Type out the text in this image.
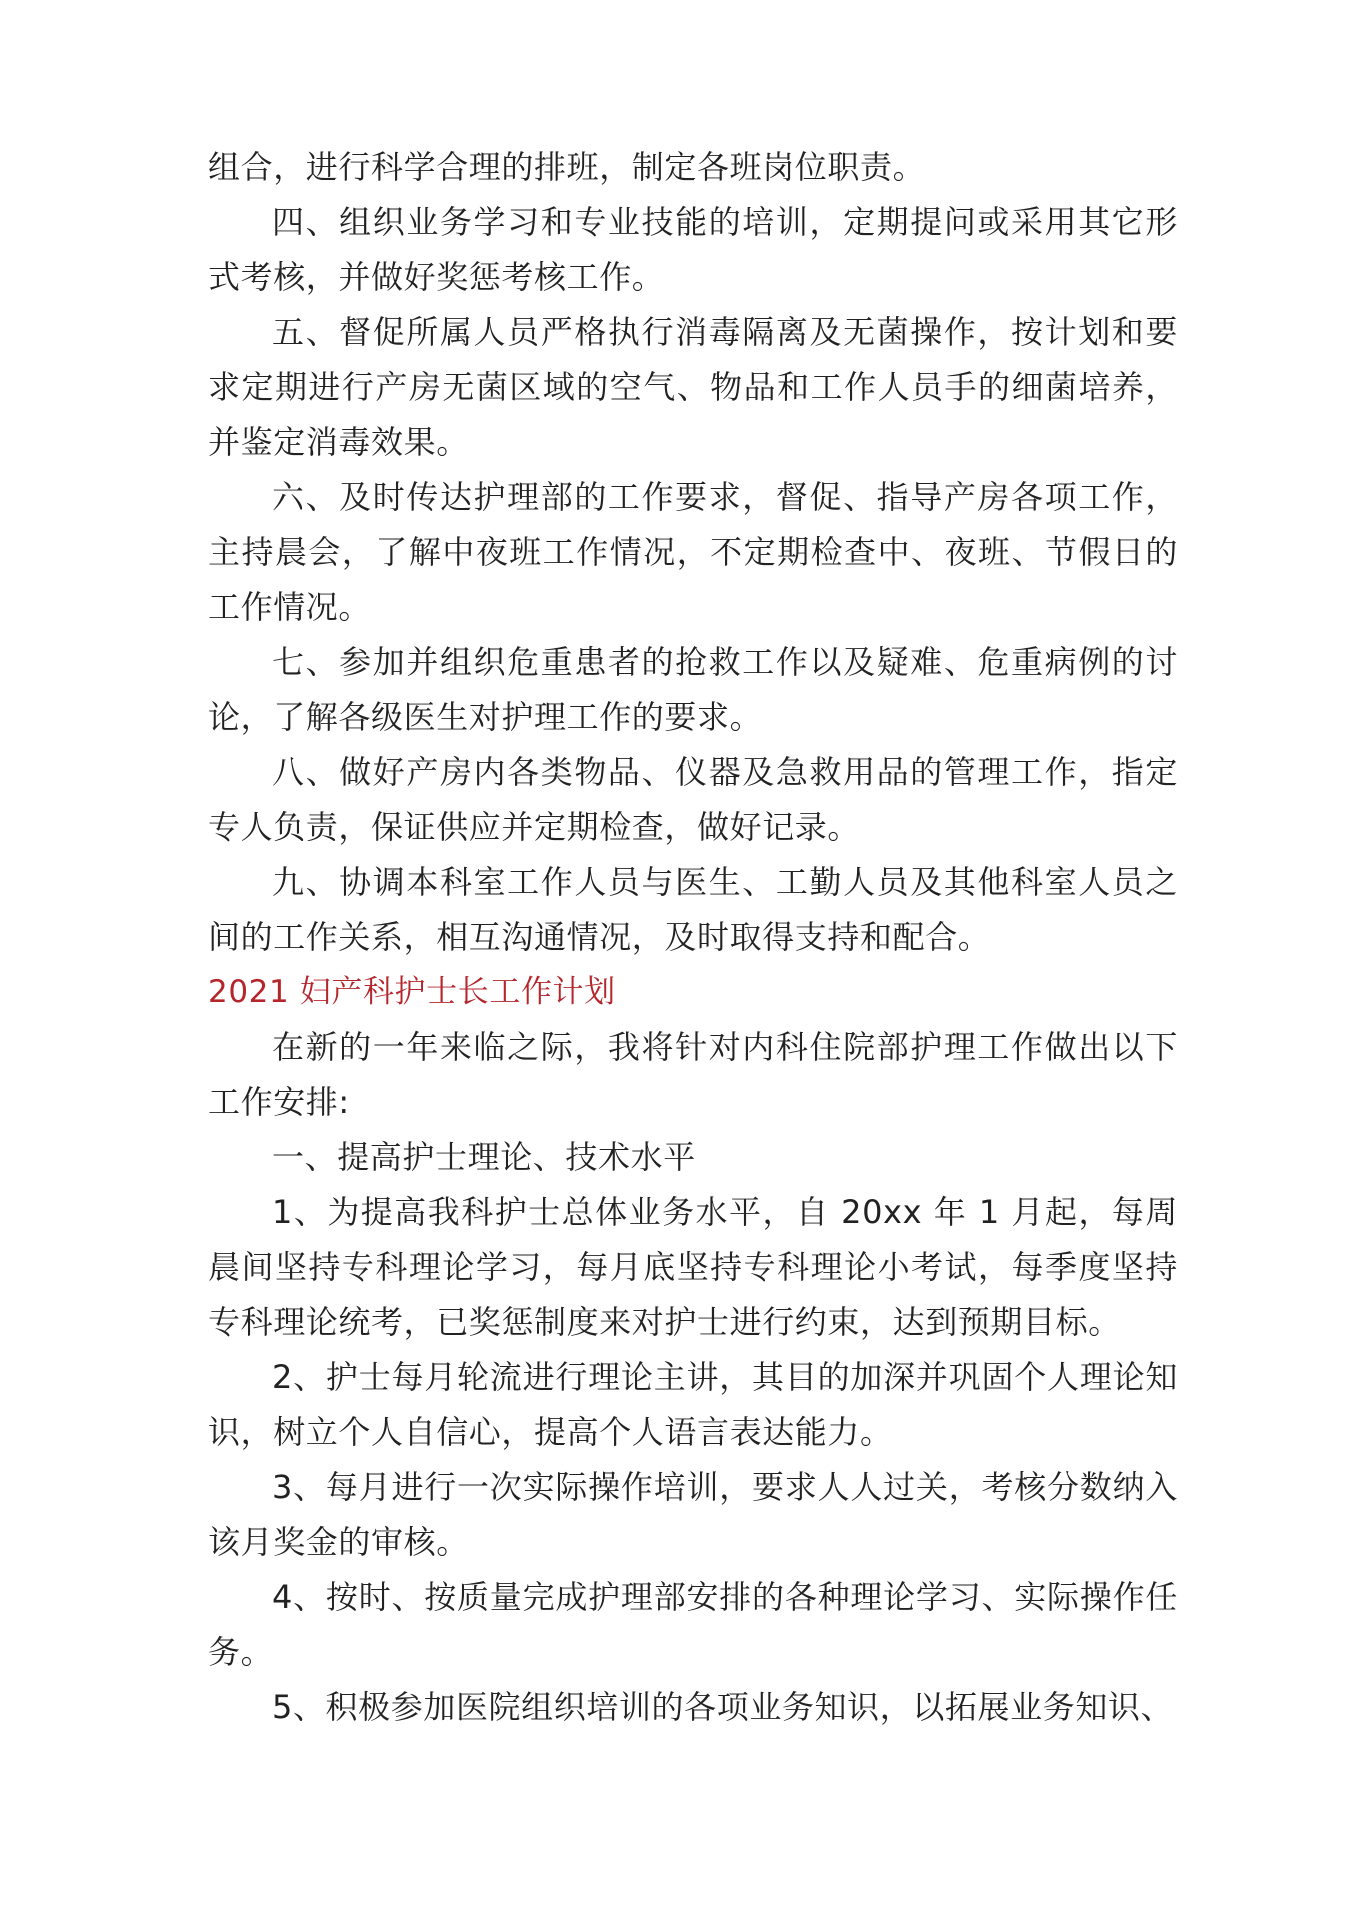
组合，进行科学合理的排班，制定各班岗位职责。

四、组织业务学习和专业技能的培训，定期提问或采用其它形式考核，并做好奖惩考核工作。

五、督促所属人员严格执行消毒隔离及无菌操作，按计划和要求定期进行产房无菌区域的空气、物品和工作人员手的细菌培养，并鉴定消毒效果。

六、及时传达护理部的工作要求，督促、指导产房各项工作，主持晨会，了解中夜班工作情况，不定期检查中、夜班、节假日的工作情况。

七、参加并组织危重患者的抢救工作以及疑难、危重病例的讨论，了解各级医生对护理工作的要求。

八、做好产房内各类物品、仪器及急救用品的管理工作，指定专人负责，保证供应并定期检查，做好记录。

九、协调本科室工作人员与医生、工勤人员及其他科室人员之间的工作关系，相互沟通情况，及时取得支持和配合。

2021 妇产科护士长工作计划

在新的一年来临之际，我将针对内科住院部护理工作做出以下工作安排:

一、提高护士理论、技术水平

1、为提高我科护士总体业务水平，自 20xx 年 1 月起，每周晨间坚持专科理论学习，每月底坚持专科理论小考试，每季度坚持专科理论统考，已奖惩制度来对护士进行约束，达到预期目标。

2、护士每月轮流进行理论主讲，其目的加深并巩固个人理论知识，树立个人自信心，提高个人语言表达能力。

3、每月进行一次实际操作培训，要求人人过关，考核分数纳入该月奖金的审核。

4、按时、按质量完成护理部安排的各种理论学习、实际操作任务。

5、积极参加医院组织培训的各项业务知识，以拓展业务知识、
